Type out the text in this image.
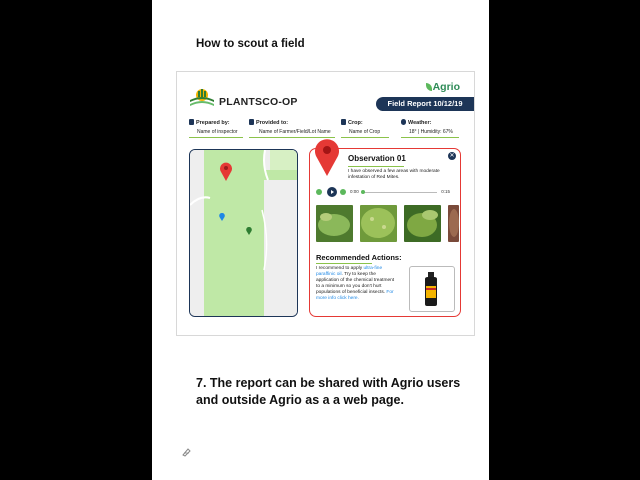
How to scout a field
PLANTSCO-OP
Agrio
Field Report 10/12/19
Prepared by:
Name of inspector
Provided to:
Name of Farmer/Field/Lot Name
Crop:
Name of Crop
Weather:
18° | Humidity: 67%
Observation 01	✕
I have observed a few areas with moderate infestation of Red Mites.
0:00	0:15
Recommended Actions:
I recommend to apply ultra-fine paraffinic oil. Try to keep the application of the chemical treatment to a minimum so you don't hurt populations of beneficial insects. For more info click here.
7. The report can be shared with Agrio users and outside Agrio as a a web page.
